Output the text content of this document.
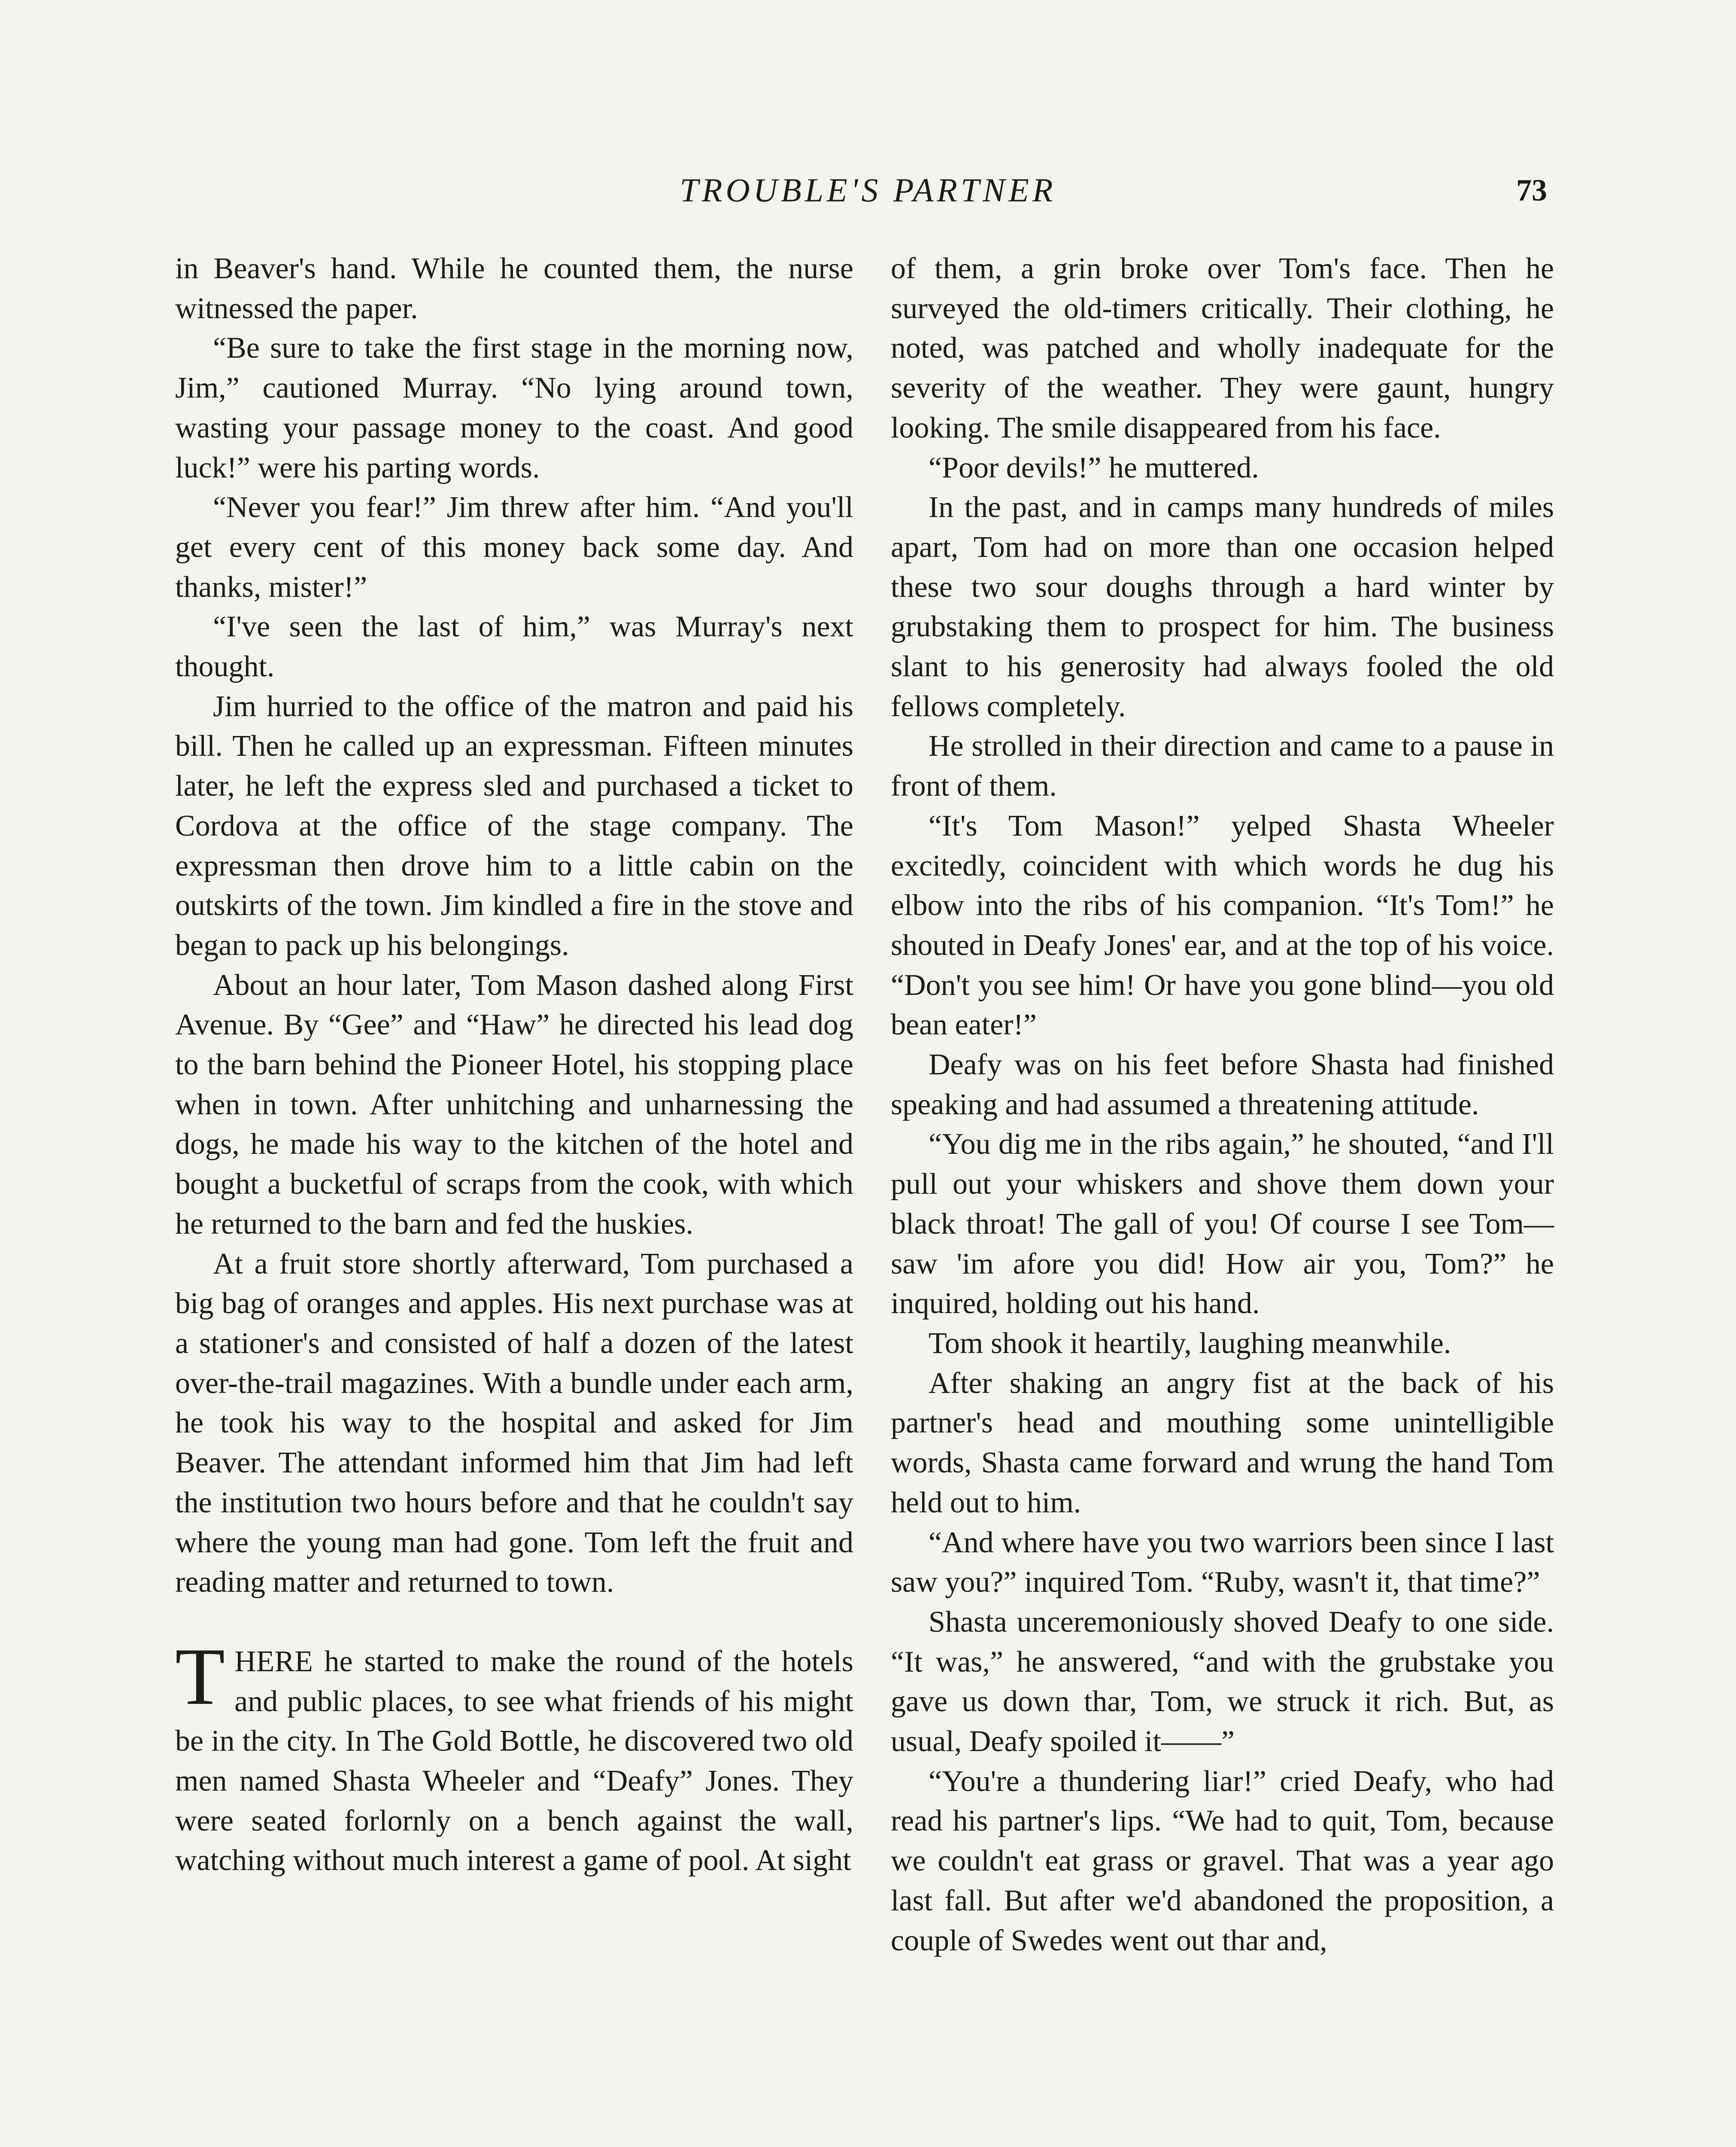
TROUBLE'S PARTNER	73

in Beaver's hand. While he counted them, the nurse witnessed the paper.

“Be sure to take the first stage in the morning now, Jim,” cautioned Murray. “No lying around town, wasting your passage money to the coast. And good luck!” were his parting words.

“Never you fear!” Jim threw after him. “And you'll get every cent of this money back some day. And thanks, mister!”

“I've seen the last of him,” was Murray's next thought.

Jim hurried to the office of the matron and paid his bill. Then he called up an expressman. Fifteen minutes later, he left the express sled and purchased a ticket to Cordova at the office of the stage company. The expressman then drove him to a little cabin on the outskirts of the town. Jim kindled a fire in the stove and began to pack up his belongings.

About an hour later, Tom Mason dashed along First Avenue. By “Gee” and “Haw” he directed his lead dog to the barn behind the Pioneer Hotel, his stopping place when in town. After unhitching and unharnessing the dogs, he made his way to the kitchen of the hotel and bought a bucketful of scraps from the cook, with which he returned to the barn and fed the huskies.

At a fruit store shortly afterward, Tom purchased a big bag of oranges and apples. His next purchase was at a stationer's and consisted of half a dozen of the latest over-the-trail magazines. With a bundle under each arm, he took his way to the hospital and asked for Jim Beaver. The attendant informed him that Jim had left the institution two hours before and that he couldn't say where the young man had gone. Tom left the fruit and reading matter and returned to town.

THERE he started to make the round of the hotels and public places, to see what friends of his might be in the city. In The Gold Bottle, he discovered two old men named Shasta Wheeler and “Deafy” Jones. They were seated forlornly on a bench against the wall, watching without much interest a game of pool. At sight

of them, a grin broke over Tom's face. Then he surveyed the old-timers critically. Their clothing, he noted, was patched and wholly inadequate for the severity of the weather. They were gaunt, hungry looking. The smile disappeared from his face.

“Poor devils!” he muttered.

In the past, and in camps many hundreds of miles apart, Tom had on more than one occasion helped these two sour doughs through a hard winter by grubstaking them to prospect for him. The business slant to his generosity had always fooled the old fellows completely.

He strolled in their direction and came to a pause in front of them.

“It's Tom Mason!” yelped Shasta Wheeler excitedly, coincident with which words he dug his elbow into the ribs of his companion. “It's Tom!” he shouted in Deafy Jones' ear, and at the top of his voice. “Don't you see him! Or have you gone blind—you old bean eater!”

Deafy was on his feet before Shasta had finished speaking and had assumed a threatening attitude.

“You dig me in the ribs again,” he shouted, “and I'll pull out your whiskers and shove them down your black throat! The gall of you! Of course I see Tom—saw 'im afore you did! How air you, Tom?” he inquired, holding out his hand.

Tom shook it heartily, laughing meanwhile.

After shaking an angry fist at the back of his partner's head and mouthing some unintelligible words, Shasta came forward and wrung the hand Tom held out to him.

“And where have you two warriors been since I last saw you?” inquired Tom. “Ruby, wasn't it, that time?”

Shasta unceremoniously shoved Deafy to one side. “It was,” he answered, “and with the grubstake you gave us down thar, Tom, we struck it rich. But, as usual, Deafy spoiled it——”

“You're a thundering liar!” cried Deafy, who had read his partner's lips. “We had to quit, Tom, because we couldn't eat grass or gravel. That was a year ago last fall. But after we'd abandoned the proposition, a couple of Swedes went out thar and,
